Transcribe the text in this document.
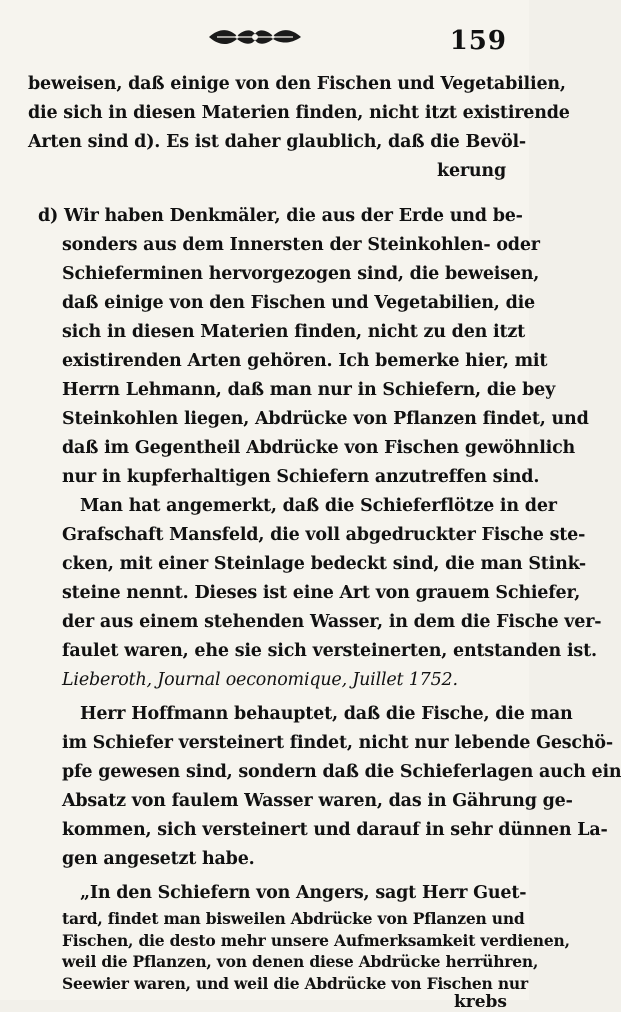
159
beweisen, daß einige von den Fischen und Vegetabilien,
die sich in diesen Materien finden, nicht itzt existirende
Arten sind d). Es ist daher glaublich, daß die Bevöl-
kerung
d) Wir haben Denkmäler, die aus der Erde und be-
sonders aus dem Innersten der Steinkohlen- oder
Schieferminen hervorgezogen sind, die beweisen,
daß einige von den Fischen und Vegetabilien, die
sich in diesen Materien finden, nicht zu den itzt
existirenden Arten gehören. Ich bemerke hier, mit
Herrn Lehmann, daß man nur in Schiefern, die bey
Steinkohlen liegen, Abdrücke von Pflanzen findet, und
daß im Gegentheil Abdrücke von Fischen gewöhnlich
nur in kupferhaltigen Schiefern anzutreffen sind.
Man hat angemerkt, daß die Schieferflötze in der
Grafschaft Mansfeld, die voll abgedruckter Fische ste-
cken, mit einer Steinlage bedeckt sind, die man Stink-
steine nennt. Dieses ist eine Art von grauem Schiefer,
der aus einem stehenden Wasser, in dem die Fische ver-
faulet waren, ehe sie sich versteinerten, entstanden ist.
Lieberoth, Journal oeconomique, Juillet 1752.
Herr Hoffmann behauptet, daß die Fische, die man
im Schiefer versteinert findet, nicht nur lebende Geschö-
pfe gewesen sind, sondern daß die Schieferlagen auch ein
Absatz von faulem Wasser waren, das in Gährung ge-
kommen, sich versteinert und darauf in sehr dünnen La-
gen angesetzt habe.
„In den Schiefern von Angers, sagt Herr Guet-
krebs
tard, findet man bisweilen Abdrücke von Pflanzen und
Fischen, die desto mehr unsere Aufmerksamkeit verdienen,
weil die Pflanzen, von denen diese Abdrücke herrühren,
Seewier waren, und weil die Abdrücke von Fischen nur
